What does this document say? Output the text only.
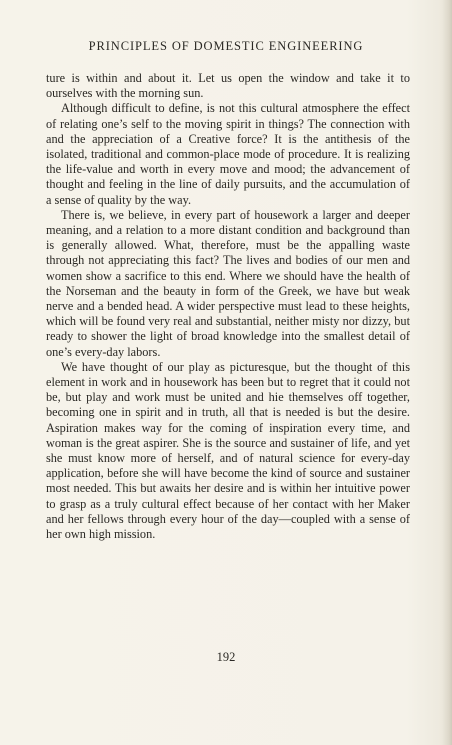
PRINCIPLES OF DOMESTIC ENGINEERING

ture is within and about it. Let us open the window and take it to ourselves with the morning sun.

Although difficult to define, is not this cultural atmosphere the effect of relating one’s self to the moving spirit in things? The connection with and the appreciation of a Creative force? It is the antithesis of the isolated, traditional and common-place mode of procedure. It is realizing the life-value and worth in every move and mood; the advancement of thought and feeling in the line of daily pursuits, and the accumulation of a sense of quality by the way.

There is, we believe, in every part of housework a larger and deeper meaning, and a relation to a more distant condition and background than is generally allowed. What, therefore, must be the appalling waste through not appreciating this fact? The lives and bodies of our men and women show a sacrifice to this end. Where we should have the health of the Norseman and the beauty in form of the Greek, we have but weak nerve and a bended head. A wider perspective must lead to these heights, which will be found very real and substantial, neither misty nor dizzy, but ready to shower the light of broad knowledge into the smallest detail of one’s every-day labors.

We have thought of our play as picturesque, but the thought of this element in work and in housework has been but to regret that it could not be, but play and work must be united and hie themselves off together, becoming one in spirit and in truth, all that is needed is but the desire. Aspiration makes way for the coming of inspiration every time, and woman is the great aspirer. She is the source and sustainer of life, and yet she must know more of herself, and of natural science for every-day application, before she will have become the kind of source and sustainer most needed. This but awaits her desire and is within her intuitive power to grasp as a truly cultural effect because of her contact with her Maker and her fellows through every hour of the day—coupled with a sense of her own high mission.

192
